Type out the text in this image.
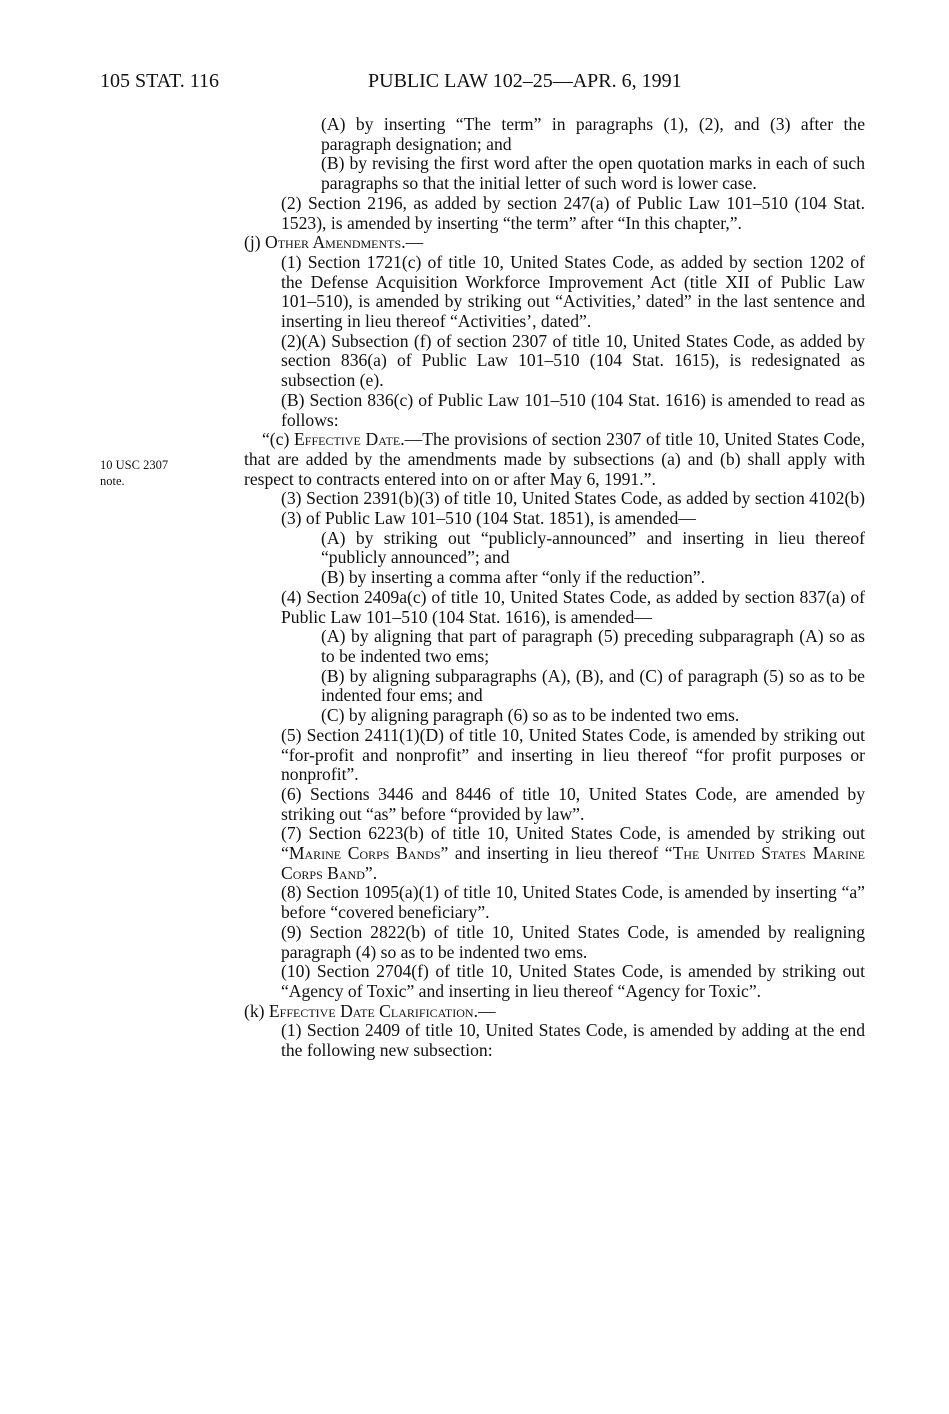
105 STAT. 116	PUBLIC LAW 102–25—APR. 6, 1991
10 USC 2307
note.

(A) by inserting “The term” in paragraphs (1), (2), and (3) after the paragraph designation; and

(B) by revising the first word after the open quotation marks in each of such paragraphs so that the initial letter of such word is lower case.

(2) Section 2196, as added by section 247(a) of Public Law 101–510 (104 Stat. 1523), is amended by inserting “the term” after “In this chapter,”.

(j) Other Amendments.—

(1) Section 1721(c) of title 10, United States Code, as added by section 1202 of the Defense Acquisition Workforce Improvement Act (title XII of Public Law 101–510), is amended by striking out “Activities,’ dated” in the last sentence and inserting in lieu thereof “Activities’, dated”.

(2)(A) Subsection (f) of section 2307 of title 10, United States Code, as added by section 836(a) of Public Law 101–510 (104 Stat. 1615), is redesignated as subsection (e).

(B) Section 836(c) of Public Law 101–510 (104 Stat. 1616) is amended to read as follows:

“(c) Effective Date.—The provisions of section 2307 of title 10, United States Code, that are added by the amendments made by subsections (a) and (b) shall apply with respect to contracts entered into on or after May 6, 1991.”.

(3) Section 2391(b)(3) of title 10, United States Code, as added by section 4102(b)(3) of Public Law 101–510 (104 Stat. 1851), is amended—

(A) by striking out “publicly-announced” and inserting in lieu thereof “publicly announced”; and

(B) by inserting a comma after “only if the reduction”.

(4) Section 2409a(c) of title 10, United States Code, as added by section 837(a) of Public Law 101–510 (104 Stat. 1616), is amended—

(A) by aligning that part of paragraph (5) preceding subparagraph (A) so as to be indented two ems;

(B) by aligning subparagraphs (A), (B), and (C) of paragraph (5) so as to be indented four ems; and

(C) by aligning paragraph (6) so as to be indented two ems.

(5) Section 2411(1)(D) of title 10, United States Code, is amended by striking out “for-profit and nonprofit” and inserting in lieu thereof “for profit purposes or nonprofit”.

(6) Sections 3446 and 8446 of title 10, United States Code, are amended by striking out “as” before “provided by law”.

(7) Section 6223(b) of title 10, United States Code, is amended by striking out “Marine Corps Bands” and inserting in lieu thereof “The United States Marine Corps Band”.

(8) Section 1095(a)(1) of title 10, United States Code, is amended by inserting “a” before “covered beneficiary”.

(9) Section 2822(b) of title 10, United States Code, is amended by realigning paragraph (4) so as to be indented two ems.

(10) Section 2704(f) of title 10, United States Code, is amended by striking out “Agency of Toxic” and inserting in lieu thereof “Agency for Toxic”.

(k) Effective Date Clarification.—

(1) Section 2409 of title 10, United States Code, is amended by adding at the end the following new subsection:
